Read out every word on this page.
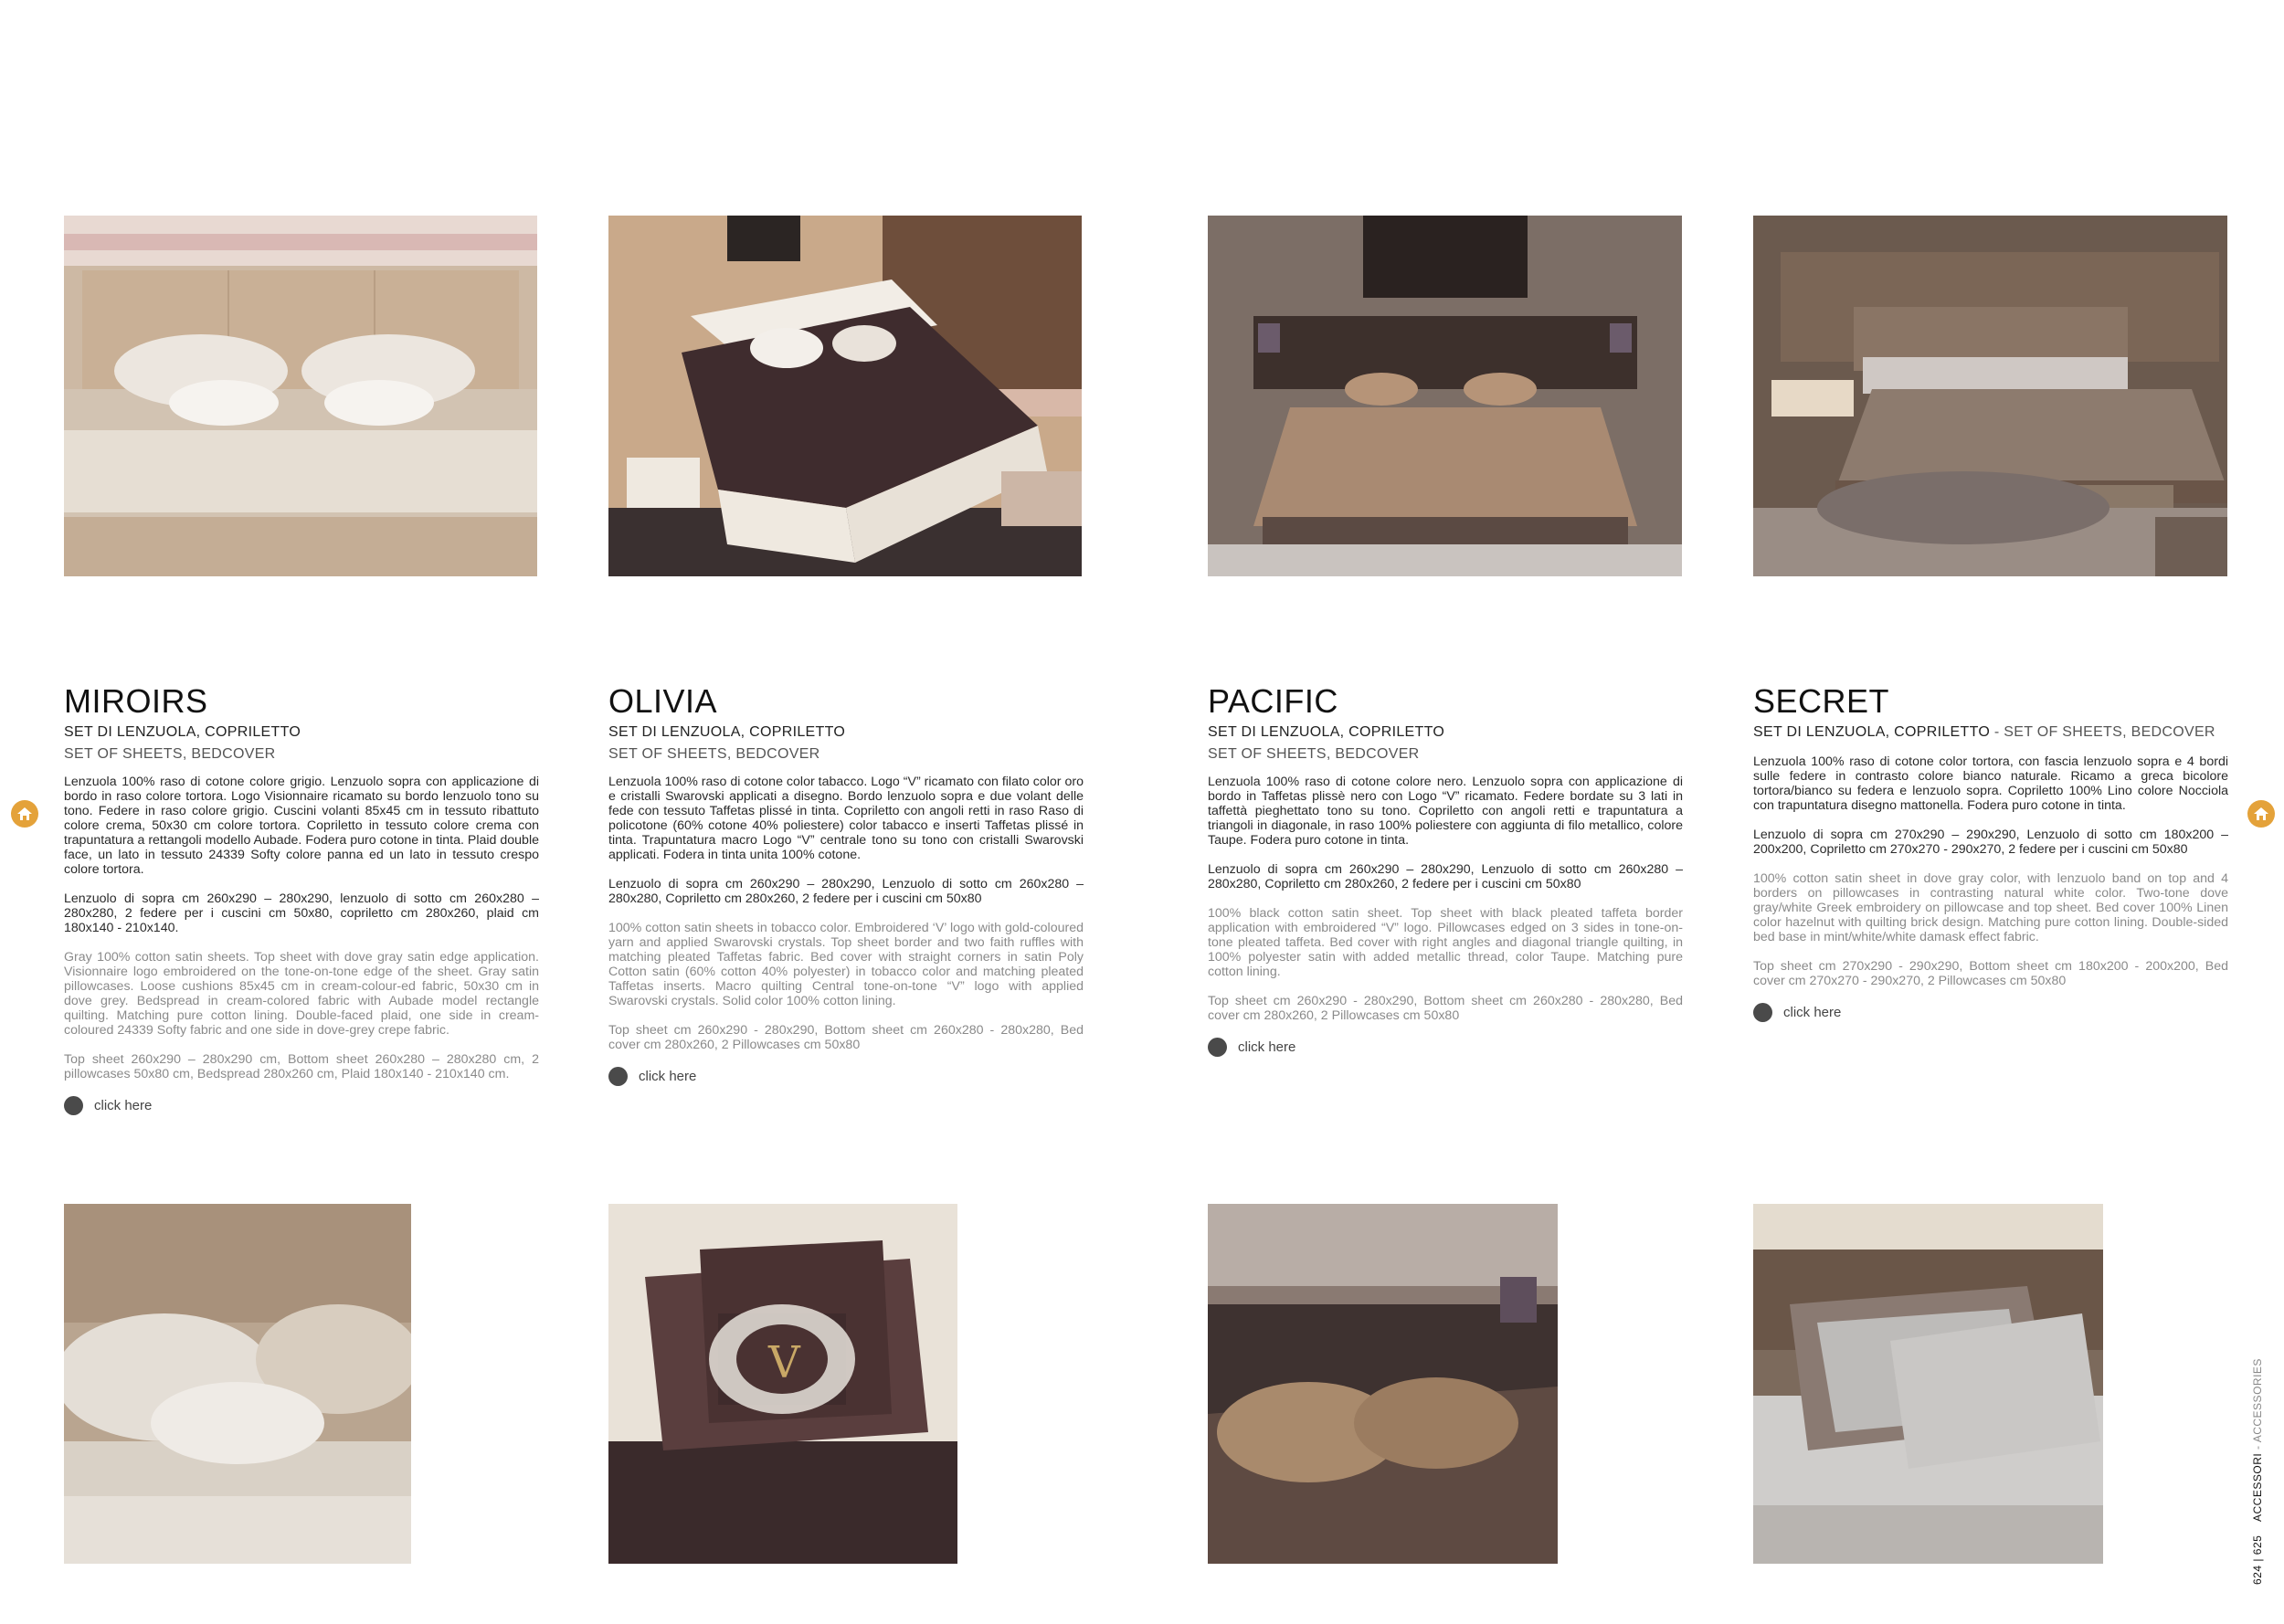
MIROIRS
SET DI LENZUOLA, COPRILETTO
SET OF SHEETS, BEDCOVER

Lenzuola 100% raso di cotone colore grigio. Lenzuolo sopra con applicazione di bordo in raso colore tortora. Logo Visionnaire ricamato su bordo lenzuolo tono su tono. Federe in raso colore grigio. Cuscini volanti 85x45 cm in tessuto ribattuto colore crema, 50x30 cm colore tortora. Copriletto in tessuto colore crema con trapuntatura a rettangoli modello Aubade. Fodera puro cotone in tinta. Plaid double face, un lato in tessuto 24339 Softy colore panna ed un lato in tessuto crespo colore tortora.

Lenzuolo di sopra cm 260x290 – 280x290, lenzuolo di sotto cm 260x280 – 280x280, 2 federe per i cuscini cm 50x80, copriletto cm 280x260, plaid cm 180x140 - 210x140.

Gray 100% cotton satin sheets. Top sheet with dove gray satin edge application. Visionnaire logo embroidered on the tone-on-tone edge of the sheet. Gray satin pillowcases. Loose cushions 85x45 cm in cream-colour-ed fabric, 50x30 cm in dove grey. Bedspread in cream-colored fabric with Aubade model rectangle quilting. Matching pure cotton lining. Double-faced plaid, one side in cream-coloured 24339 Softy fabric and one side in dove-grey crepe fabric.

Top sheet 260x290 – 280x290 cm, Bottom sheet 260x280 – 280x280 cm, 2 pillowcases 50x80 cm, Bedspread 280x260 cm, Plaid 180x140 - 210x140 cm.

click here
OLIVIA
SET DI LENZUOLA, COPRILETTO
SET OF SHEETS, BEDCOVER

Lenzuola 100% raso di cotone color tabacco. Logo “V” ricamato con filato color oro e cristalli Swarovski applicati a disegno. Bordo lenzuolo sopra e due volant delle fede con tessuto Taffetas plissé in tinta. Copriletto con angoli retti in raso Raso di policotone (60% cotone 40% poliestere) color tabacco e inserti Taffetas plissé in tinta. Trapuntatura macro Logo “V” centrale tono su tono con cristalli Swarovski applicati. Fodera in tinta unita 100% cotone.

Lenzuolo di sopra cm 260x290 – 280x290, Lenzuolo di sotto cm 260x280 – 280x280, Copriletto cm 280x260, 2 federe per i cuscini cm 50x80

100% cotton satin sheets in tobacco color. Embroidered ‘V’ logo with gold-coloured yarn and applied Swarovski crystals. Top sheet border and two faith ruffles with matching pleated Taffetas fabric. Bed cover with straight corners in satin Poly Cotton satin (60% cotton 40% polyester) in tobacco color and matching pleated Taffetas inserts. Macro quilting Central tone-on-tone “V” logo with applied Swarovski crystals. Solid color 100% cotton lining.

Top sheet cm 260x290 - 280x290, Bottom sheet cm 260x280 - 280x280, Bed cover cm 280x260, 2 Pillowcases cm 50x80

click here
PACIFIC
SET DI LENZUOLA, COPRILETTO
SET OF SHEETS, BEDCOVER

Lenzuola 100% raso di cotone colore nero. Lenzuolo sopra con applicazione di bordo in Taffetas plissè nero con Logo “V” ricamato. Federe bordate su 3 lati in taffettà pieghettato tono su tono. Copriletto con angoli retti e trapuntatura a triangoli in diagonale, in raso 100% poliestere con aggiunta di filo metallico, colore Taupe. Fodera puro cotone in tinta.

Lenzuolo di sopra cm 260x290 – 280x290, Lenzuolo di sotto cm 260x280 – 280x280, Copriletto cm 280x260, 2 federe per i cuscini cm 50x80

100% black cotton satin sheet. Top sheet with black pleated taffeta border application with embroidered “V” logo. Pillowcases edged on 3 sides in tone-on-tone pleated taffeta. Bed cover with right angles and diagonal triangle quilting, in 100% polyester satin with added metallic thread, color Taupe. Matching pure cotton lining.

Top sheet cm 260x290 - 280x290, Bottom sheet cm 260x280 - 280x280, Bed cover cm 280x260, 2 Pillowcases cm 50x80

click here
SECRET
SET DI LENZUOLA, COPRILETTO - SET OF SHEETS, BEDCOVER

Lenzuola 100% raso di cotone color tortora, con fascia lenzuolo sopra e 4 bordi sulle federe in contrasto colore bianco naturale. Ricamo a greca bicolore tortora/bianco su federa e lenzuolo sopra. Copriletto 100% Lino colore Nocciola con trapuntatura disegno mattonella. Fodera puro cotone in tinta.

Lenzuolo di sopra cm 270x290 – 290x290, Lenzuolo di sotto cm 180x200 – 200x200, Copriletto cm 270x270 - 290x270, 2 federe per i cuscini cm 50x80

100% cotton satin sheet in dove gray color, with lenzuolo band on top and 4 borders on pillowcases in contrasting natural white color. Two-tone dove gray/white Greek embroidery on pillowcase and top sheet. Bed cover 100% Linen color hazelnut with quilting brick design. Matching pure cotton lining. Double-sided bed base in mint/white/white damask effect fabric.

Top sheet cm 270x290 - 290x290, Bottom sheet cm 180x200 - 200x200, Bed cover cm 270x270 - 290x270, 2 Pillowcases cm 50x80

click here
V
624 | 625    ACCESSORI - ACCESSORIES
